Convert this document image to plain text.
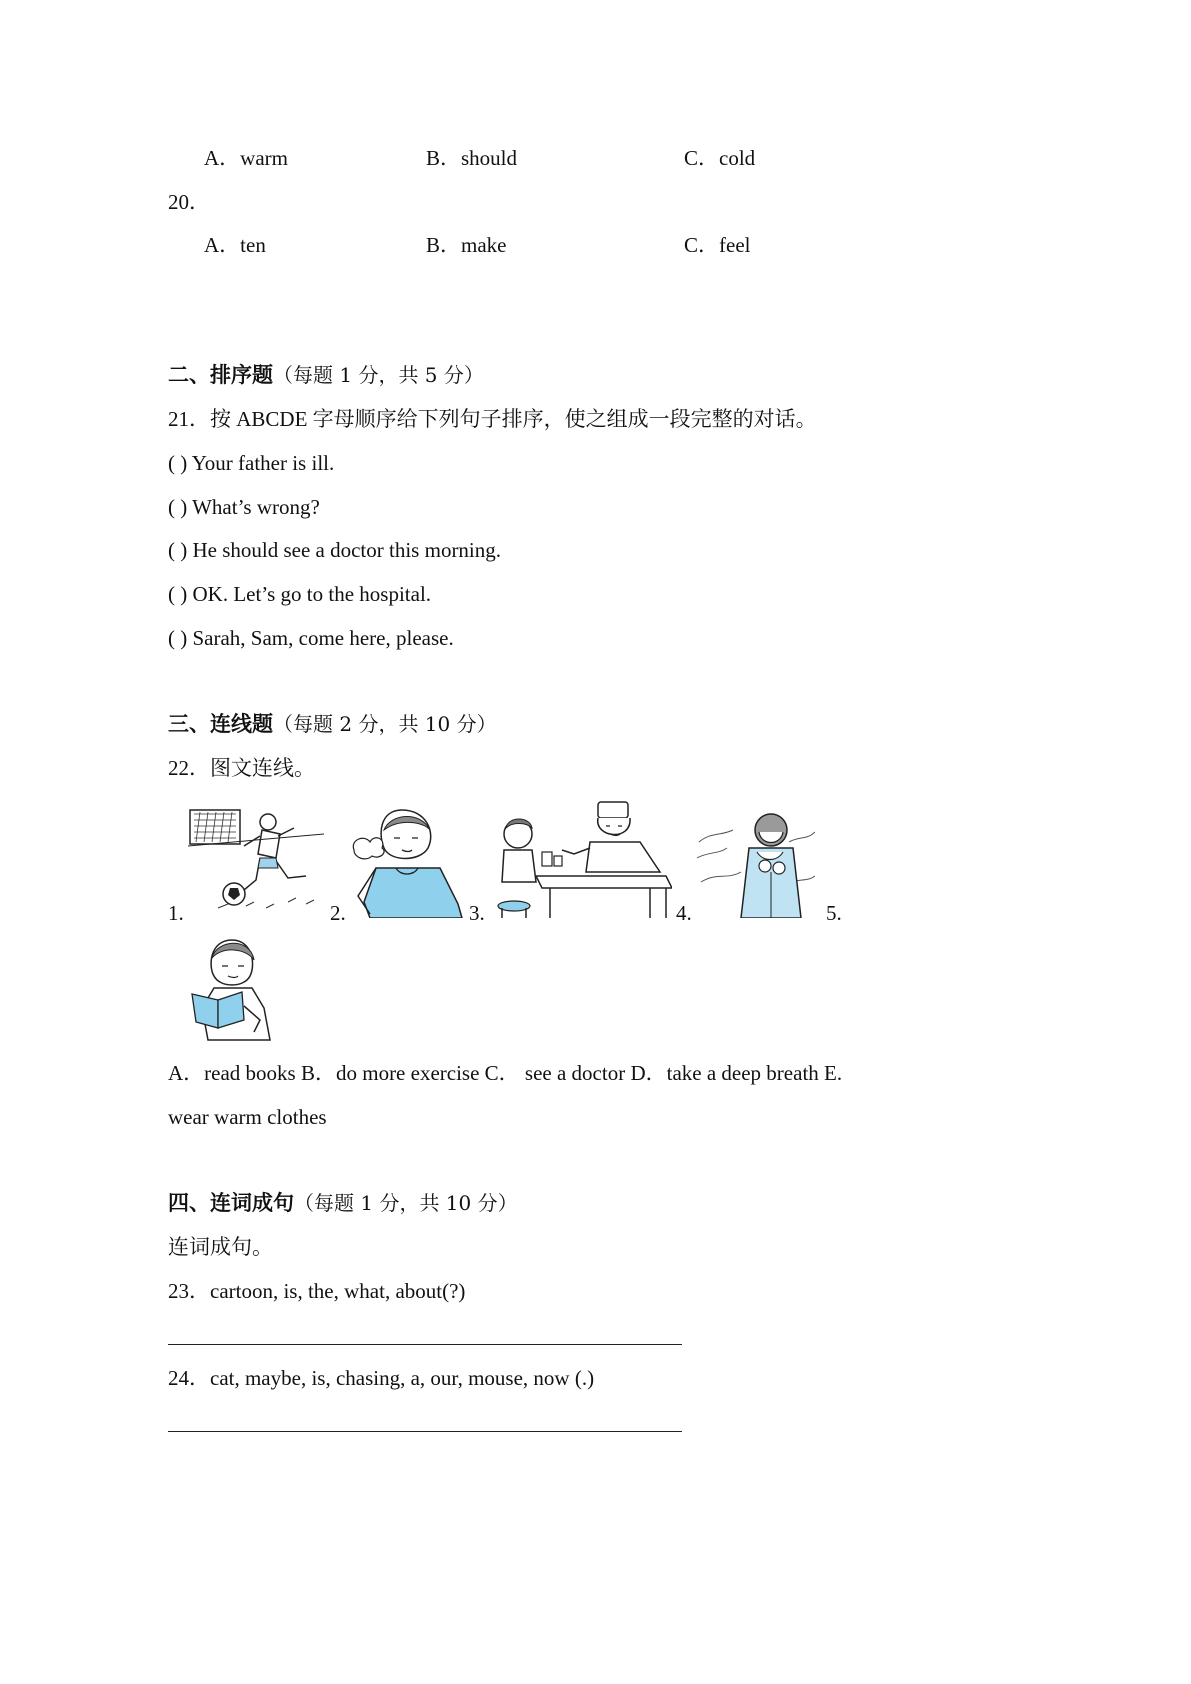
A．warm	B．should	C．cold
20．
A．ten	B．make	C．feel
二、排序题（每题 1 分，共 5 分）
21．按 ABCDE 字母顺序给下列句子排序，使之组成一段完整的对话。
( ) Your father is ill.
( ) What’s wrong?
( ) He should see a doctor this morning.
( ) OK. Let’s go to the hospital.
( ) Sarah, Sam, come here, please.
三、连线题（每题 2 分，共 10 分）
22．图文连线。
1.	2.	3.	4.	5.
A．read books B．do more exercise C． see a doctor D．take a deep breath E.
wear warm clothes
四、连词成句（每题 1 分，共 10 分）
连词成句。
23．cartoon, is, the, what, about(?)
24．cat, maybe, is, chasing, a, our, mouse, now (.)
